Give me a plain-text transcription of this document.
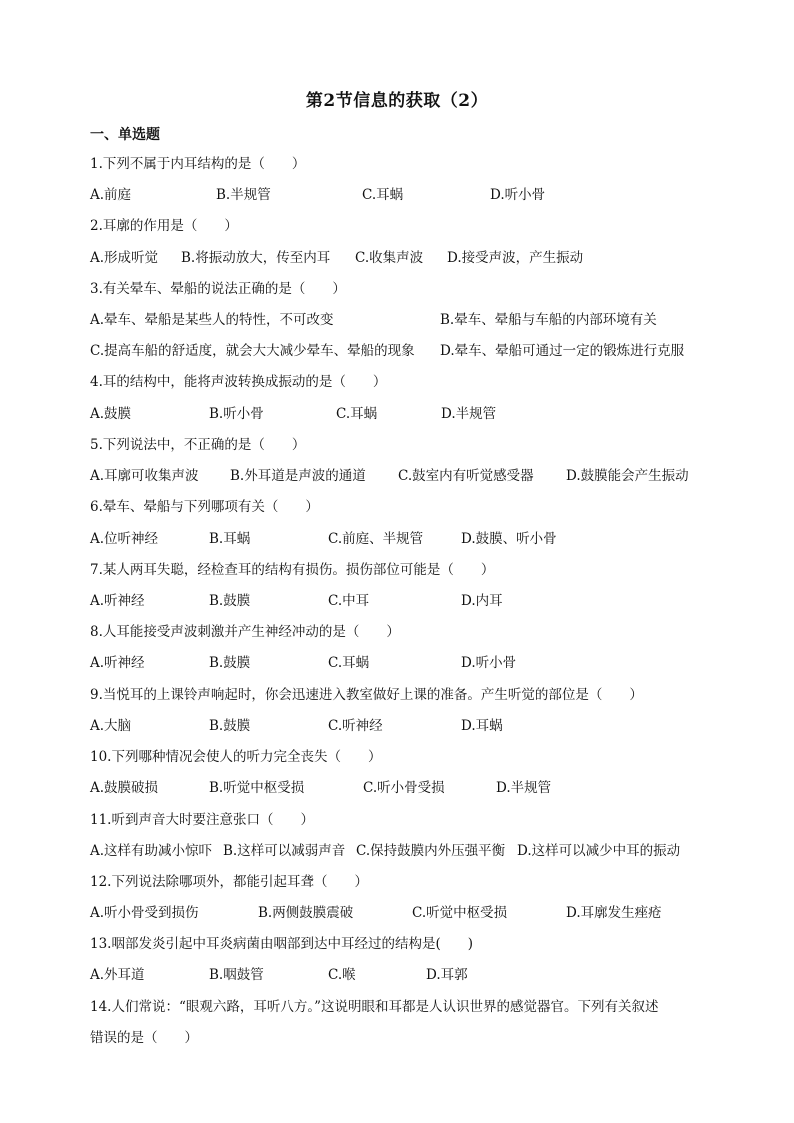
第2节信息的获取（2）
一、单选题
1.下列不属于内耳结构的是（　　）
A.前庭	B.半规管	C.耳蜗	D.听小骨
2.耳廓的作用是（　　）
A.形成听觉 B.将振动放大，传至内耳 C.收集声波 D.接受声波，产生振动
3.有关晕车、晕船的说法正确的是（　　）
A.晕车、晕船是某些人的特性，不可改变	B.晕车、晕船与车船的内部环境有关
C.提高车船的舒适度，就会大大减少晕车、晕船的现象 D.晕车、晕船可通过一定的锻炼进行克服
4.耳的结构中，能将声波转换成振动的是（　　）
A.鼓膜	B.听小骨	C.耳蜗	D.半规管
5.下列说法中，不正确的是（　　）
A.耳廓可收集声波 B.外耳道是声波的通道 C.鼓室内有听觉感受器 D.鼓膜能会产生振动
6.晕车、晕船与下列哪项有关（　　）
A.位听神经	B.耳蜗	C.前庭、半规管	D.鼓膜、听小骨
7.某人两耳失聪，经检查耳的结构有损伤。损伤部位可能是（　　）
A.听神经	B.鼓膜	C.中耳	D.内耳
8.人耳能接受声波刺激并产生神经冲动的是（　　）
A.听神经	B.鼓膜	C.耳蜗	D.听小骨
9.当悦耳的上课铃声响起时，你会迅速进入教室做好上课的准备。产生听觉的部位是（　　）
A.大脑	B.鼓膜	C.听神经	D.耳蜗
10.下列哪种情况会使人的听力完全丧失（　　）
A.鼓膜破损	B.听觉中枢受损	C.听小骨受损	D.半规管
11.听到声音大时要注意张口（　　）
A.这样有助减小惊吓 B.这样可以减弱声音 C.保持鼓膜内外压强平衡 D.这样可以减少中耳的振动
12.下列说法除哪项外，都能引起耳聋（　　）
A.听小骨受到损伤	B.两侧鼓膜震破	C.听觉中枢受损	D.耳廓发生痤疮
13.咽部发炎引起中耳炎病菌由咽部到达中耳经过的结构是(　　)
A.外耳道	B.咽鼓管	C.喉	D.耳郭
14.人们常说：“眼观六路，耳听八方。”这说明眼和耳都是人认识世界的感觉器官。下列有关叙述
错误的是（　　）
